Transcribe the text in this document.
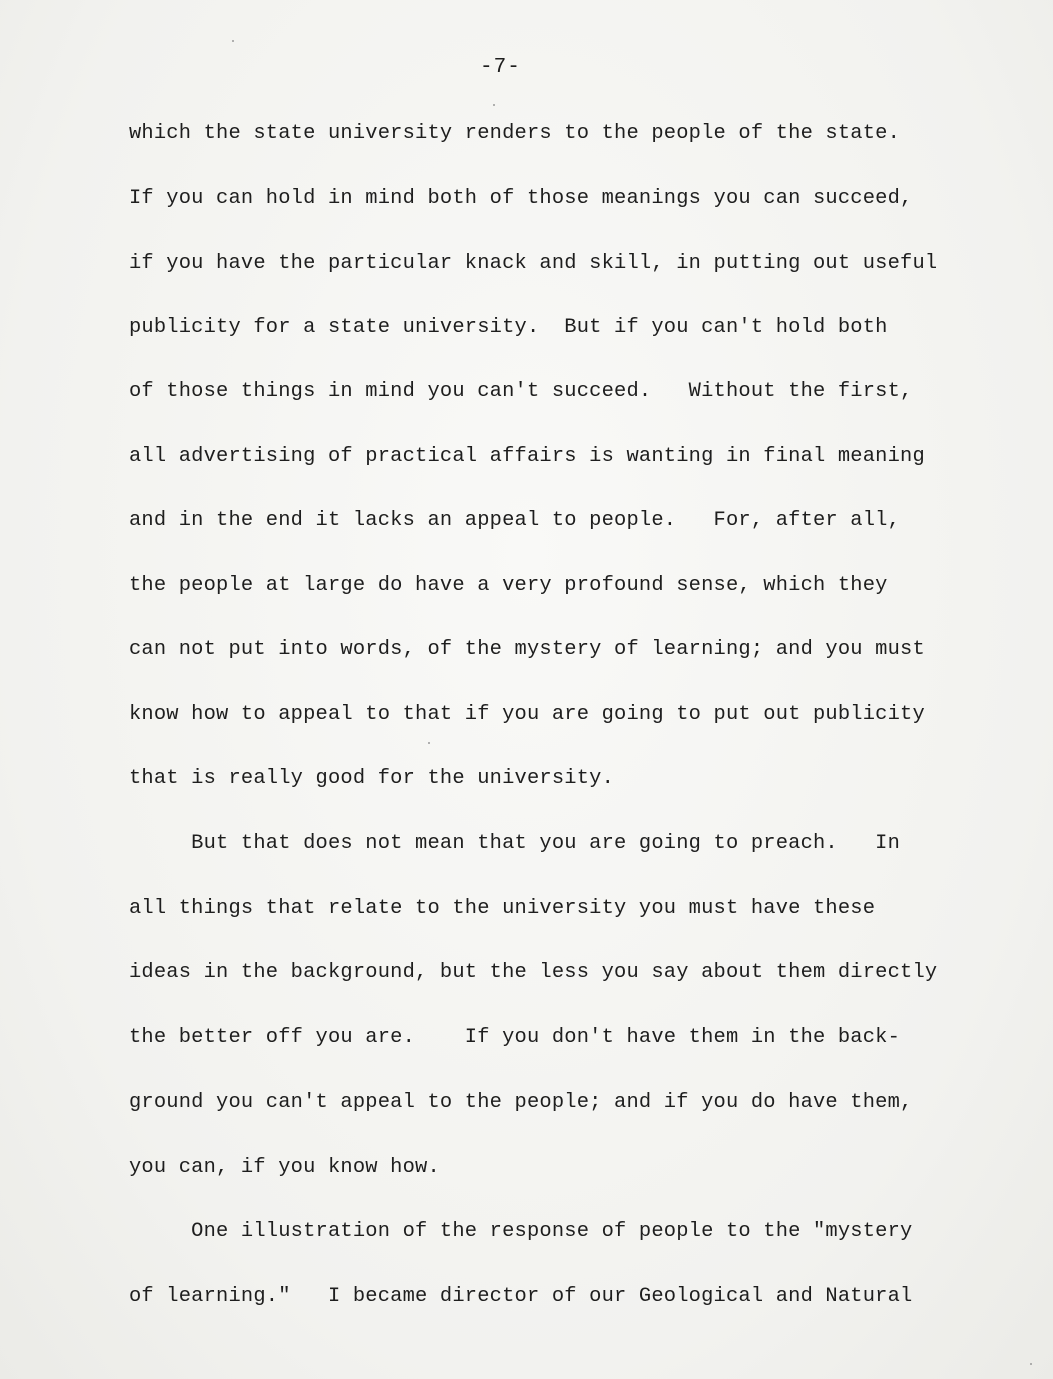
-7-
which the state university renders to the people of the state.
If you can hold in mind both of those meanings you can succeed,
if you have the particular knack and skill, in putting out useful
publicity for a state university.  But if you can't hold both
of those things in mind you can't succeed.   Without the first,
all advertising of practical affairs is wanting in final meaning
and in the end it lacks an appeal to people.   For, after all,
the people at large do have a very profound sense, which they
can not put into words, of the mystery of learning; and you must
know how to appeal to that if you are going to put out publicity
that is really good for the university.
But that does not mean that you are going to preach.   In
all things that relate to the university you must have these
ideas in the background, but the less you say about them directly
the better off you are.    If you don't have them in the back-
ground you can't appeal to the people; and if you do have them,
you can, if you know how.
One illustration of the response of people to the "mystery
of learning."   I became director of our Geological and Natural
